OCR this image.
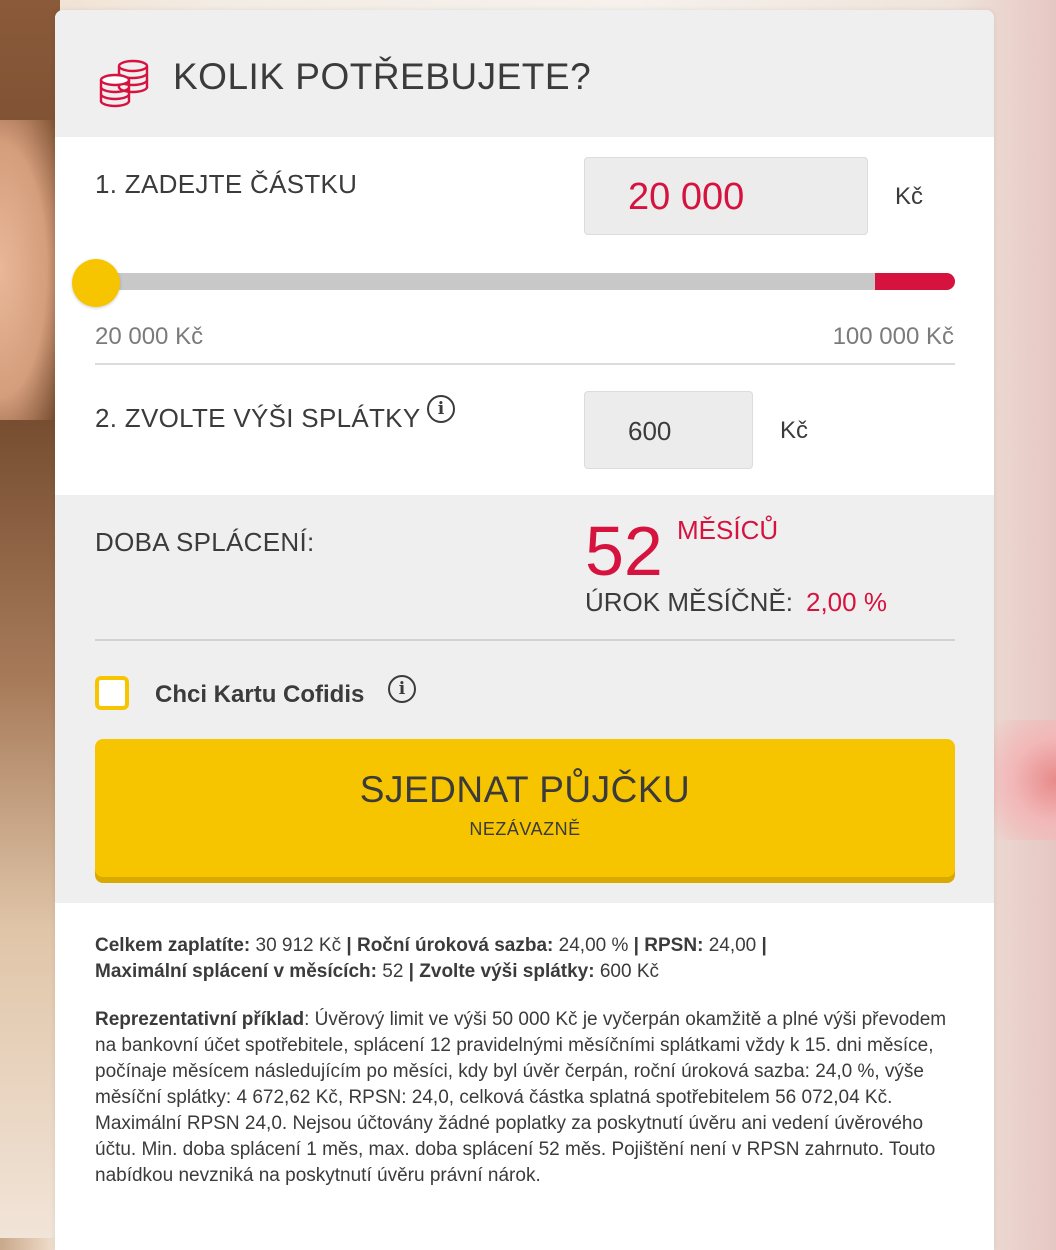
KOLIK POTŘEBUJETE?
1. ZADEJTE ČÁSTKU	20 000	Kč
20 000 Kč	100 000 Kč
2. ZVOLTE VÝŠI SPLÁTKY	i
600	Kč
DOBA SPLÁCENÍ:	52 MĚSÍCŮ
ÚROK MĚSÍČNĚ: 2,00 %
Chci Kartu Cofidis	i
SJEDNAT PŮJČKU
NEZÁVAZNĚ

Celkem zaplatíte: 30 912 Kč | Roční úroková sazba: 24,00 % | RPSN: 24,00 |
Maximální splácení v měsících: 52 | Zvolte výši splátky: 600 Kč

Reprezentativní příklad: Úvěrový limit ve výši 50 000 Kč je vyčerpán okamžitě a plné výši převodem na bankovní účet spotřebitele, splácení 12 pravidelnými měsíčními splátkami vždy k 15. dni měsíce, počínaje měsícem následujícím po měsíci, kdy byl úvěr čerpán, roční úroková sazba: 24,0 %, výše měsíční splátky: 4 672,62 Kč, RPSN: 24,0, celková částka splatná spotřebitelem 56 072,04 Kč. Maximální RPSN 24,0. Nejsou účtovány žádné poplatky za poskytnutí úvěru ani vedení úvěrového účtu. Min. doba splácení 1 měs, max. doba splácení 52 měs. Pojištění není v RPSN zahrnuto. Touto nabídkou nevzniká na poskytnutí úvěru právní nárok.
